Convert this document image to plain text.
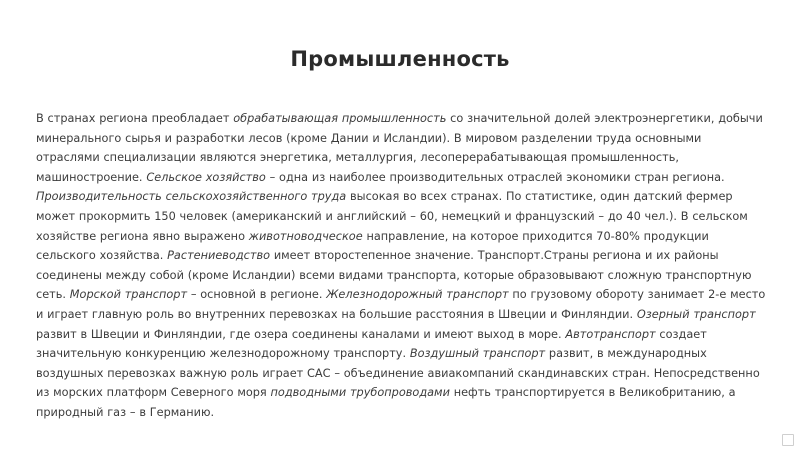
Промышленность

В странах региона преобладает обрабатывающая промышленность со значительной долей электроэнергетики, добычи минерального сырья и разработки лесов (кроме Дании и Исландии). В мировом разделении труда основными отраслями специализации являются энергетика, металлургия, лесоперерабатывающая промышленность, машиностроение. Сельское хозяйство – одна из наиболее производительных отраслей экономики стран региона. Производительность сельскохозяйственного труда высокая во всех странах. По статистике, один датский фермер может прокормить 150 человек (американский и английский – 60, немецкий и французский – до 40 чел.). В сельском хозяйстве региона явно выражено животноводческое направление, на которое приходится 70-80% продукции сельского хозяйства. Растениеводство имеет второстепенное значение. Транспорт.Страны региона и их районы соединены между собой (кроме Исландии) всеми видами транспорта, которые образовывают сложную транспортную сеть. Морской транспорт – основной в регионе. Железнодорожный транспорт по грузовому обороту занимает 2-е место и играет главную роль во внутренних перевозках на большие расстояния в Швеции и Финляндии. Озерный транспорт развит в Швеции и Финляндии, где озера соединены каналами и имеют выход в море. Автотранспорт создает значительную конкуренцию железнодорожному транспорту. Воздушный транспорт развит, в международных воздушных перевозках важную роль играет САС – объединение авиакомпаний скандинавских стран. Непосредственно из морских платформ Северного моря подводными трубопроводами нефть транспортируется в Великобританию, а природный газ – в Германию.
